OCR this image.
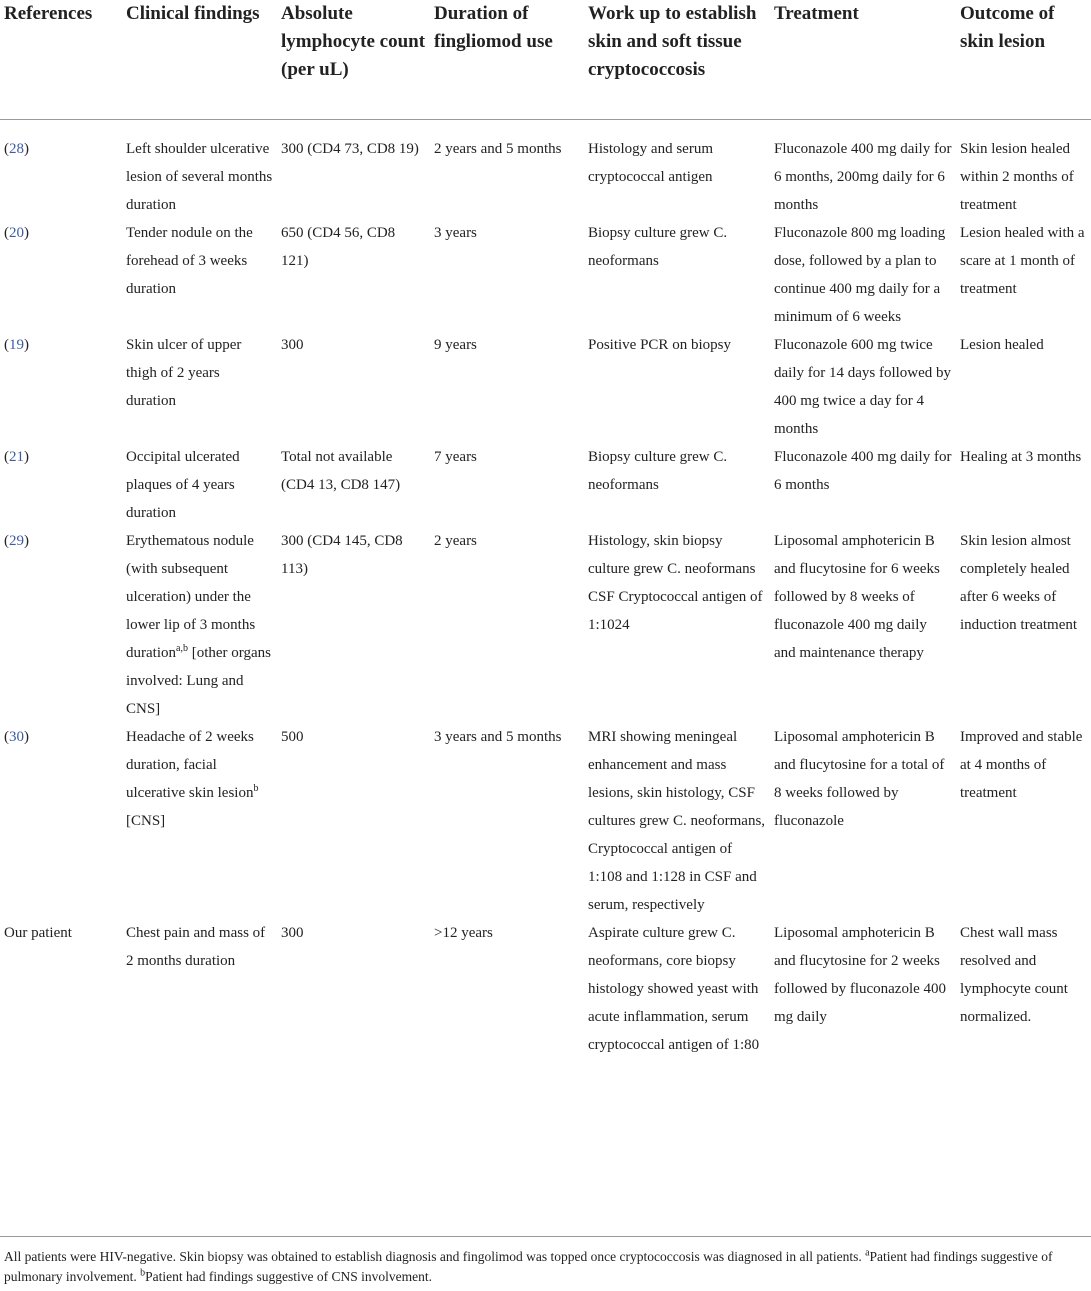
References	Clinical findings	Absolute lymphocyte count (per uL)	Duration of fingliomod use	Work up to establish skin and soft tissue cryptococcosis	Treatment	Outcome of skin lesion
(28)	Left shoulder ulcerative lesion of several months duration	300 (CD4 73, CD8 19)	2 years and 5 months	Histology and serum cryptococcal antigen	Fluconazole 400 mg daily for 6 months, 200mg daily for 6 months	Skin lesion healed within 2 months of treatment
(20)	Tender nodule on the forehead of 3 weeks duration	650 (CD4 56, CD8 121)	3 years	Biopsy culture grew C. neoformans	Fluconazole 800 mg loading dose, followed by a plan to continue 400 mg daily for a minimum of 6 weeks	Lesion healed with a scare at 1 month of treatment
(19)	Skin ulcer of upper thigh of 2 years duration	300	9 years	Positive PCR on biopsy	Fluconazole 600 mg twice daily for 14 days followed by 400 mg twice a day for 4 months	Lesion healed
(21)	Occipital ulcerated plaques of 4 years duration	Total not available (CD4 13, CD8 147)	7 years	Biopsy culture grew C. neoformans	Fluconazole 400 mg daily for 6 months	Healing at 3 months
(29)	Erythematous nodule (with subsequent ulceration) under the lower lip of 3 months duration$^{a,b}$ [other organs involved: Lung and CNS]	300 (CD4 145, CD8 113)	2 years	Histology, skin biopsy culture grew C. neoformans CSF Cryptococcal antigen of 1:1024	Liposomal amphotericin B and flucytosine for 6 weeks followed by 8 weeks of fluconazole 400 mg daily and maintenance therapy	Skin lesion almost completely healed after 6 weeks of induction treatment
(30)	Headache of 2 weeks duration, facial ulcerative skin lesion$^b$ [CNS]	500	3 years and 5 months	MRI showing meningeal enhancement and mass lesions, skin histology, CSF cultures grew C. neoformans, Cryptococcal antigen of 1:108 and 1:128 in CSF and serum, respectively	Liposomal amphotericin B and flucytosine for a total of 8 weeks followed by fluconazole	Improved and stable at 4 months of treatment
Our patient	Chest pain and mass of 2 months duration	300	>12 years	Aspirate culture grew C. neoformans, core biopsy histology showed yeast with acute inflammation, serum cryptococcal antigen of 1:80	Liposomal amphotericin B and flucytosine for 2 weeks followed by fluconazole 400 mg daily	Chest wall mass resolved and lymphocyte count normalized.
All patients were HIV-negative. Skin biopsy was obtained to establish diagnosis and fingolimod was topped once cryptococcosis was diagnosed in all patients. $^a$Patient had findings suggestive of pulmonary involvement. $^b$Patient had findings suggestive of CNS involvement.
